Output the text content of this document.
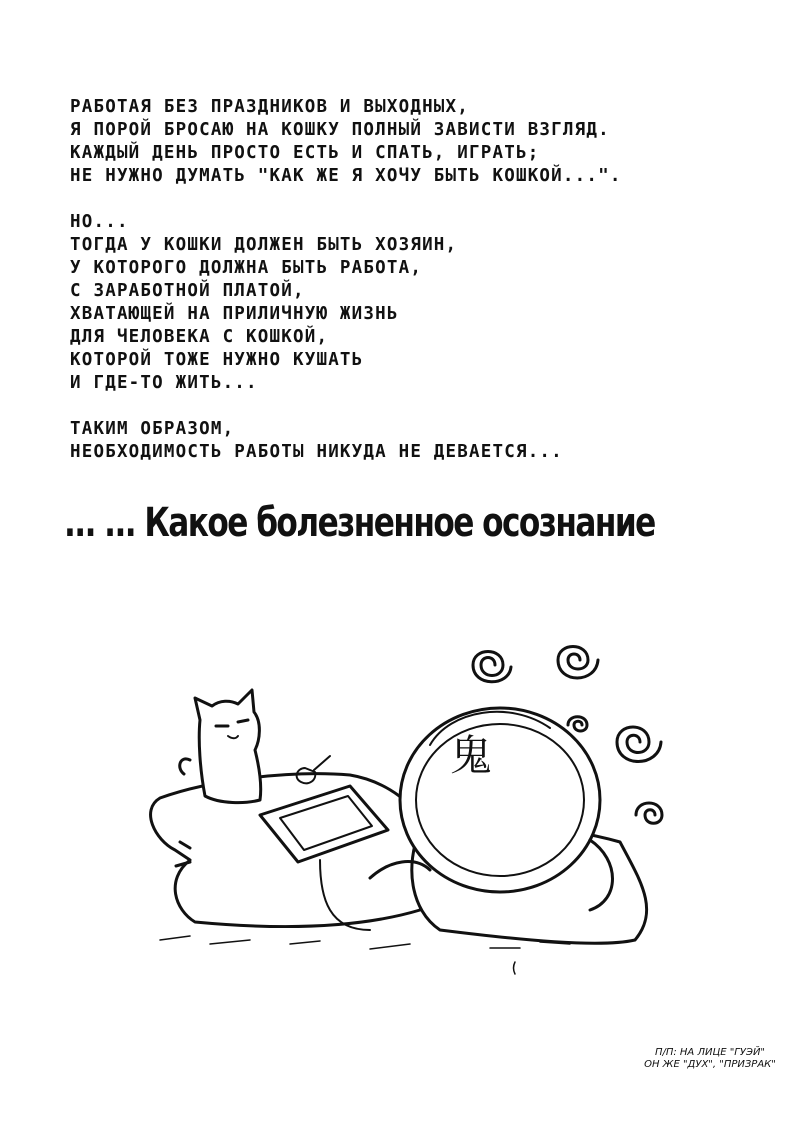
РАБОТАЯ БЕЗ ПРАЗДНИКОВ И ВЫХОДНЫХ,
Я ПОРОЙ БРОСАЮ НА КОШКУ ПОЛНЫЙ ЗАВИСТИ ВЗГЛЯД.
КАЖДЫЙ ДЕНЬ ПРОСТО ЕСТЬ И СПАТЬ, ИГРАТЬ;
НЕ НУЖНО ДУМАТЬ "КАК ЖЕ Я ХОЧУ БЫТЬ КОШКОЙ...".
НО...
ТОГДА У КОШКИ ДОЛЖЕН БЫТЬ ХОЗЯИН,
У КОТОРОГО ДОЛЖНА БЫТЬ РАБОТА,
С ЗАРАБОТНОЙ ПЛАТОЙ,
ХВАТАЮЩЕЙ НА ПРИЛИЧНУЮ ЖИЗНЬ
ДЛЯ ЧЕЛОВЕКА С КОШКОЙ,
КОТОРОЙ ТОЖЕ НУЖНО КУШАТЬ
И ГДЕ-ТО ЖИТЬ...
ТАКИМ ОБРАЗОМ,
НЕОБХОДИМОСТЬ РАБОТЫ НИКУДА НЕ ДЕВАЕТСЯ...
... ... Какое болезненное осознание
鬼
П/П: НА ЛИЦЕ "ГУЭЙ"
ОН ЖЕ "ДУХ", "ПРИЗРАК"
